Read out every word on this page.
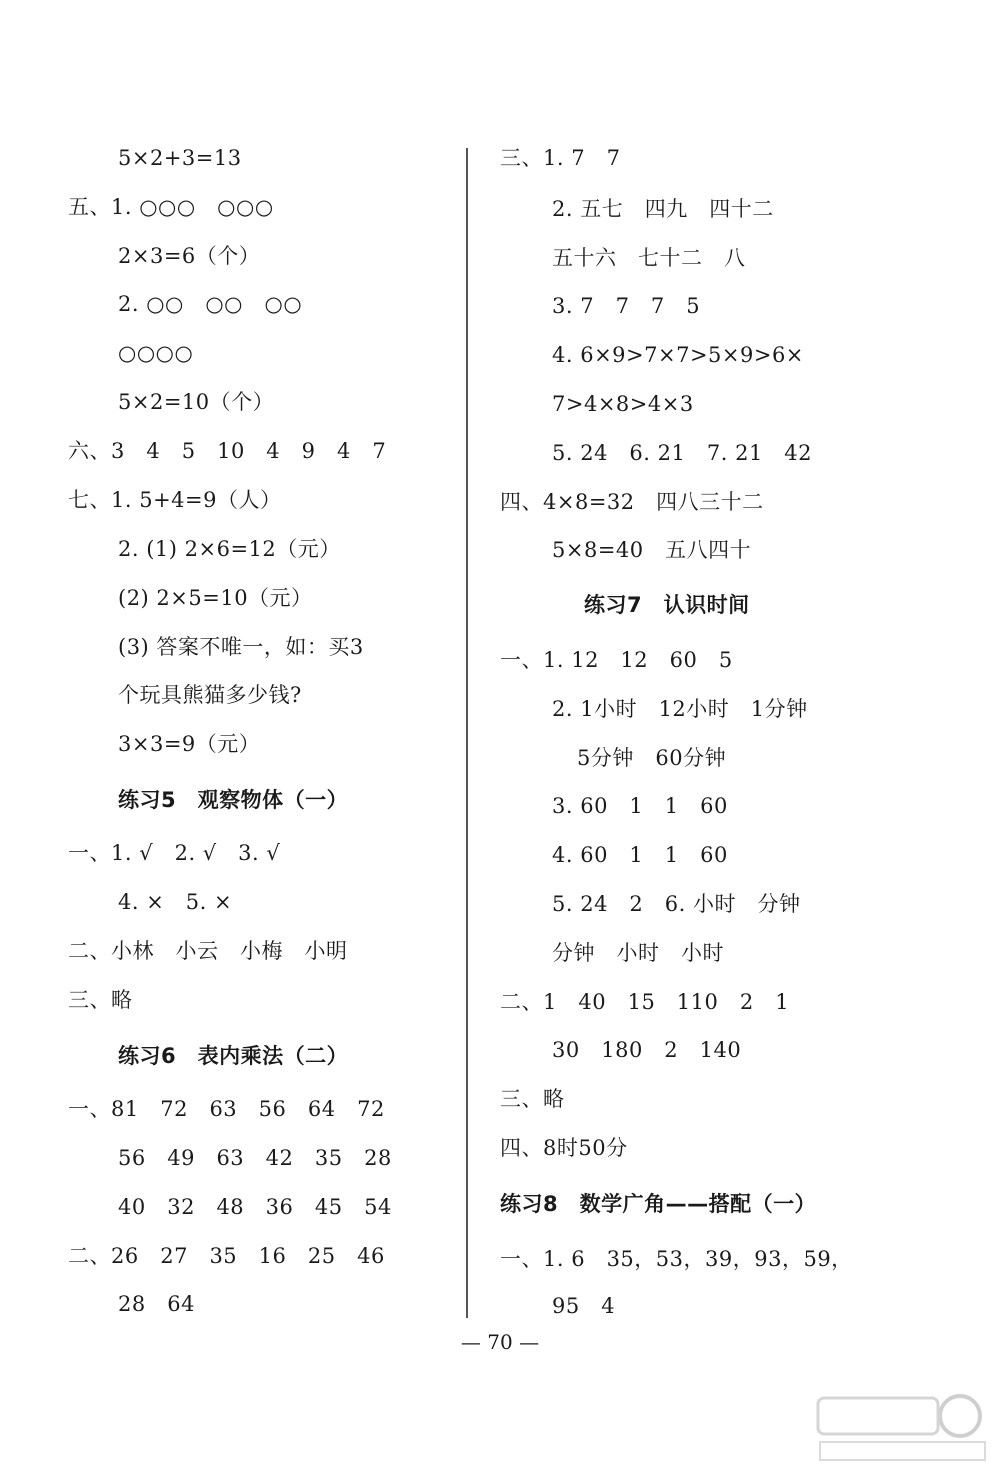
5×2+3=13
五、1. ○○○　○○○
2×3=6（个）
2. ○○　○○　○○
○○○○
5×2=10（个）
六、3　4　5　10　4　9　4　7
七、1. 5+4=9（人）
2. (1) 2×6=12（元）
(2) 2×5=10（元）
(3) 答案不唯一，如：买3
个玩具熊猫多少钱?
3×3=9（元）
练习5　观察物体（一）
一、1. √　2. √　3. √
4. ×　5. ×
二、小林　小云　小梅　小明
三、略
练习6　表内乘法（二）
一、81　72　63　56　64　72
56　49　63　42　35　28
40　32　48　36　45　54
二、26　27　35　16　25　46
28　64
三、1. 7　7
2. 五七　四九　四十二
五十六　七十二　八
3. 7　7　7　5
4. 6×9>7×7>5×9>6×
7>4×8>4×3
5. 24　6. 21　7. 21　42
四、4×8=32　四八三十二
5×8=40　五八四十
练习7　认识时间
一、1. 12　12　60　5
2. 1小时　12小时　1分钟
5分钟　60分钟
3. 60　1　1　60
4. 60　1　1　60
5. 24　2　6. 小时　分钟
分钟　小时　小时
二、1　40　15　110　2　1
30　180　2　140
三、略
四、8时50分
练习8　数学广角——搭配（一）
一、1. 6　35，53，39，93，59，
95　4
— 70 —
